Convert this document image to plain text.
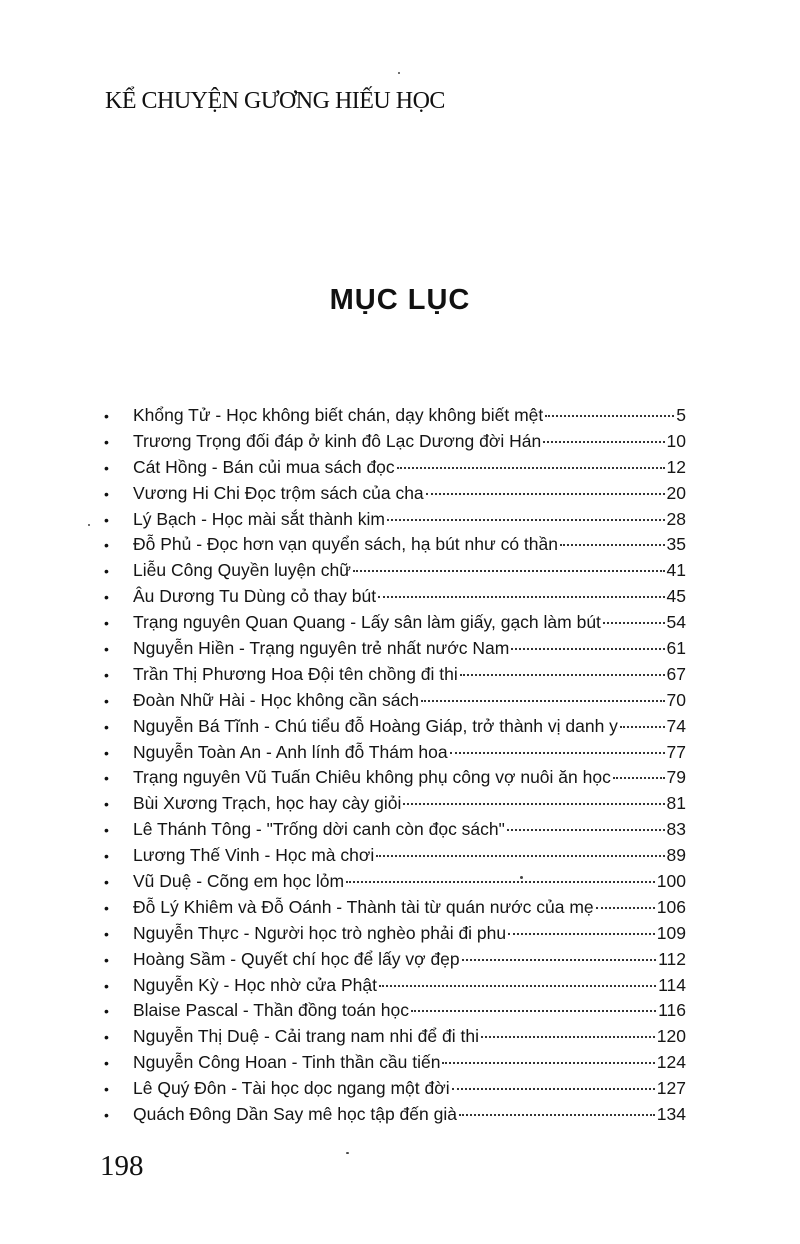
KỂ CHUYỆN GƯƠNG HIẾU HỌC
MỤC LỤC
•	Khổng Tử - Học không biết chán, dạy không biết mệt	5
•	Trương Trọng đối đáp ở kinh đô Lạc Dương đời Hán	10
•	Cát Hồng - Bán củi mua sách đọc	12
•	Vương Hi Chi Đọc trộm sách của cha	20
•	Lý Bạch - Học mài sắt thành kim	28
•	Đỗ Phủ - Đọc hơn vạn quyển sách, hạ bút như có thần	35
•	Liễu Công Quyền luyện chữ	41
•	Âu Dương Tu Dùng cỏ thay bút	45
•	Trạng nguyên Quan Quang - Lấy sân làm giấy, gạch làm bút	54
•	Nguyễn Hiền - Trạng nguyên trẻ nhất nước Nam	61
•	Trần Thị Phương Hoa Đội tên chồng đi thi	67
•	Đoàn Nhữ Hài - Học không cần sách	70
•	Nguyễn Bá Tĩnh - Chú tiểu đỗ Hoàng Giáp, trở thành vị danh y	74
•	Nguyễn Toàn An - Anh lính đỗ Thám hoa	77
•	Trạng nguyên Vũ Tuấn Chiêu không phụ công vợ nuôi ăn học	79
•	Bùi Xương Trạch, học hay cày giỏi	81
•	Lê Thánh Tông - "Trống dời canh còn đọc sách"	83
•	Lương Thế Vinh - Học mà chơi	89
•	Vũ Duệ - Cõng em học lỏm	100
•	Đỗ Lý Khiêm và Đỗ Oánh - Thành tài từ quán nước của mẹ	106
•	Nguyễn Thực - Người học trò nghèo phải đi phu	109
•	Hoàng Sầm - Quyết chí học để lấy vợ đẹp	112
•	Nguyễn Kỳ - Học nhờ cửa Phật	114
•	Blaise Pascal - Thần đồng toán học	116
•	Nguyễn Thị Duệ - Cải trang nam nhi để đi thi	120
•	Nguyễn Công Hoan - Tinh thần cầu tiến	124
•	Lê Quý Đôn - Tài học dọc ngang một đời	127
•	Quách Đông Dần Say mê học tập đến già	134
198
